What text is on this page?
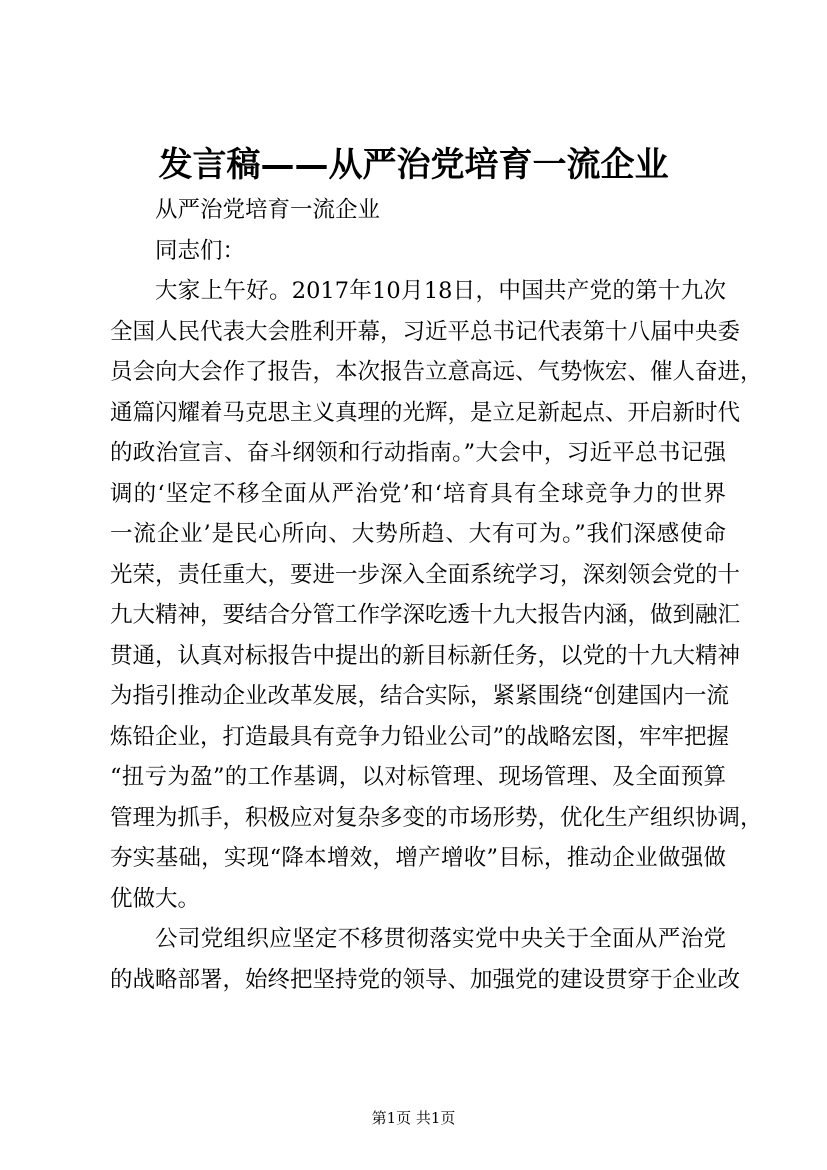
发言稿——从严治党培育一流企业
从严治党培育一流企业
同志们：
大家上午好。2017年10月18日，中国共产党的第十九次
全国人民代表大会胜利开幕，习近平总书记代表第十八届中央委
员会向大会作了报告，本次报告立意高远、气势恢宏、催人奋进，
通篇闪耀着马克思主义真理的光辉，是立足新起点、开启新时代
的政治宣言、奋斗纲领和行动指南。”大会中，习近平总书记强
调的‘坚定不移全面从严治党’和‘培育具有全球竞争力的世界
一流企业’是民心所向、大势所趋、大有可为。”我们深感使命
光荣，责任重大，要进一步深入全面系统学习，深刻领会党的十
九大精神，要结合分管工作学深吃透十九大报告内涵，做到融汇
贯通，认真对标报告中提出的新目标新任务，以党的十九大精神
为指引推动企业改革发展，结合实际，紧紧围绕“创建国内一流
炼铅企业，打造最具有竞争力铅业公司”的战略宏图，牢牢把握
“扭亏为盈”的工作基调，以对标管理、现场管理、及全面预算
管理为抓手，积极应对复杂多变的市场形势，优化生产组织协调，
夯实基础，实现“降本增效，增产增收”目标，推动企业做强做
优做大。
公司党组织应坚定不移贯彻落实党中央关于全面从严治党
的战略部署，始终把坚持党的领导、加强党的建设贯穿于企业改
第1页 共1页
